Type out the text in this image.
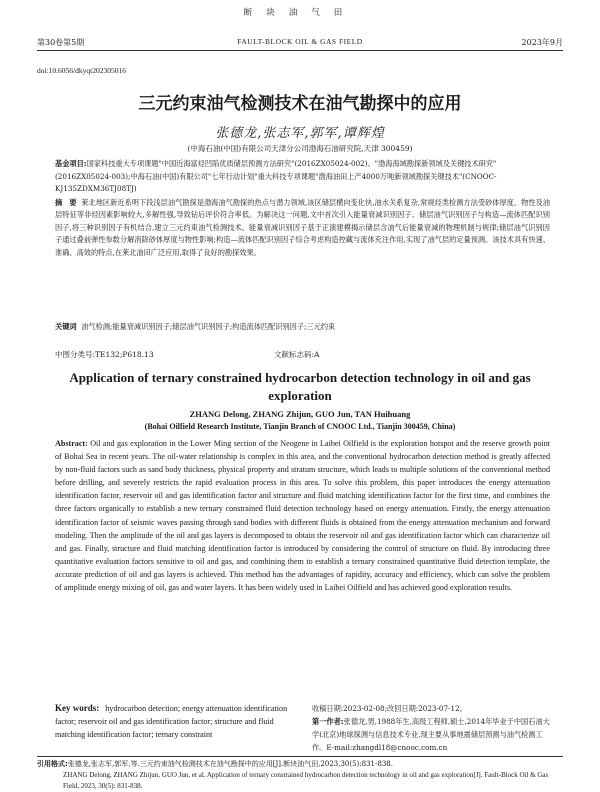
断块油气田
第30卷第5期	FAULT-BLOCK OIL & GAS FIELD	2023年9月
doi:10.6056/dkyqt202305016
三元约束油气检测技术在油气勘探中的应用
张德龙,张志军,郭军,谭辉煌
(中海石油(中国)有限公司天津分公司渤海石油研究院,天津 300459)
基金项目:国家科技重大专项课题"中国近海富烃凹陷优质储层预测方法研究"(2016ZX05024-002)、"渤海海域勘探新领域及关键技术研究"(2016ZX05024-003);中海石油(中国)有限公司"七年行动计划"重大科技专项课题"渤海油田上产4000万吨新领域勘探关键技术"(CNOOC-KJ135ZDXM36TJ08TJ)
摘　要 莱北地区新近系明下段浅层油气勘探是渤海油气勘探的热点与潜力领域,该区储层横向变化快,油水关系复杂,常规烃类检测方法受砂体厚度、物性及油层特征等非烃因素影响较大,多解性强,导致钻后评价符合率低。为解决这一问题,文中首次引入能量衰减识别因子、储层油气识别因子与构造—流体匹配识别因子,将三种识别因子有机结合,建立三元约束油气检测技术。能量衰减识别因子基于正演建模揭示储层含油气后能量衰减的物理机制与规律;储层油气识别因子通过叠前弹性参数分解消除砂体厚度与物性影响;构造—流体匹配识别因子综合考虑构造控藏与流体充注作用,实现了油气层的定量预测。该技术具有快速、准确、高效的特点,在莱北油田广泛应用,取得了良好的勘探效果。
关键词 油气检测;能量衰减识别因子;储层油气识别因子;构造流体匹配识别因子;三元约束
中图分类号:TE132;P618.13	文献标志码:A
Application of ternary constrained hydrocarbon detection technology in oil and gas exploration
ZHANG Delong, ZHANG Zhijun, GUO Jun, TAN Huihuang
(Bohai Oilfield Research Institute, Tianjin Branch of CNOOC Ltd., Tianjin 300459, China)
Abstract: Oil and gas exploration in the Lower Ming section of the Neogene in Laibei Oilfield is the exploration hotspot and the reserve growth point of Bohai Sea in recent years. The oil-water relationship is complex in this area, and the conventional hydrocarbon detection method is greatly affected by non-fluid factors such as sand body thickness, physical property and stratum structure, which leads to multiple solutions of the conventional method before drilling, and severely restricts the rapid evaluation process in this area. To solve this problem, this paper introduces the energy attenuation identification factor, reservoir oil and gas identification factor and structure and fluid matching identification factor for the first time, and combines the three factors organically to establish a new ternary constrained fluid detection technology based on energy attenuation. Firstly, the energy attenuation identification factor of seismic waves passing through sand bodies with different fluids is obtained from the energy attenuation mechanism and forward modeling. Then the amplitude of the oil and gas layers is decomposed to obtain the reservoir oil and gas identification factor which can characterize oil and gas. Finally, structure and fluid matching identification factor is introduced by considering the control of structure on fluid. By introducing three quantitative evaluation factors sensitive to oil and gas, and combining them to establish a ternary constrained quantitative fluid detection template, the accurate prediction of oil and gas layers is achieved. This method has the advantages of rapidity, accuracy and efficiency, which can solve the problem of amplitude energy mixing of oil, gas and water layers. It has been widely used in Laibei Oilfield and has achieved good exploration results.
Key words: hydrocarbon detection; energy attenuation identification factor; reservoir oil and gas identification factor; structure and fluid matching identification factor; ternary constraint
收稿日期:2023-02-08;改回日期:2023-07-12。
第一作者:张德龙,男,1988年生,高级工程师,硕士,2014年毕业于中国石油大学(北京)地球探测与信息技术专业,现主要从事地震储层预测与油气检测工作。E-mail:zhangdl18@cnooc.com.cn
引用格式:张德龙,张志军,郭军,等.三元约束油气检测技术在油气勘探中的应用[J].断块油气田,2023,30(5):831-838.
ZHANG Delong, ZHANG Zhijun, GUO Jun, et al. Application of ternary constrained hydrocarbon detection technology in oil and gas exploration[J]. Fault-Block Oil & Gas Field, 2023, 30(5): 831-838.
